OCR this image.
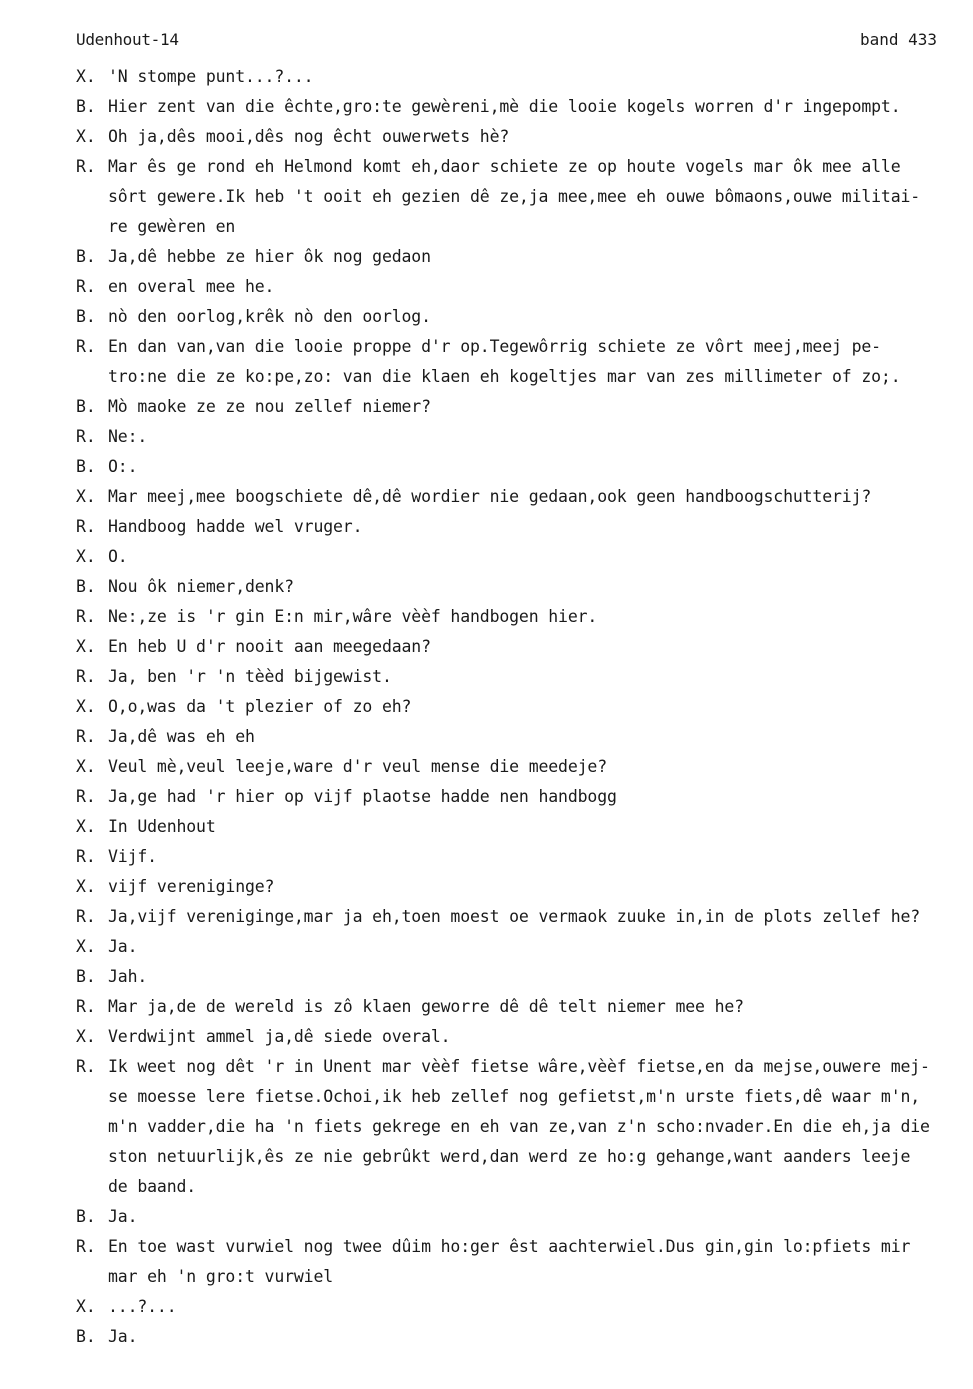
Udenhout-14	band 433
X. 'N stompe punt...?...
B. Hier zent van die êchte,gro:te gewèreni,mè die looie kogels worren d'r ingepompt.
X. Oh ja,dês mooi,dês nog êcht ouwerwets hè?
R. Mar ês ge rond eh Helmond komt eh,daor schiete ze op houte vogels mar ôk mee alle
sôrt gewere.Ik heb 't ooit eh gezien dê ze,ja mee,mee eh ouwe bômaons,ouwe militai-
re gewèren en
B. Ja,dê hebbe ze hier ôk nog gedaon
R. en overal mee he.
B. nò den oorlog,krêk nò den oorlog.
R. En dan van,van die looie proppe d'r op.Tegewôrrig schiete ze vôrt meej,meej pe-
tro:ne die ze ko:pe,zo: van die klaen eh kogeltjes mar van zes millimeter of zo;.
B. Mò maoke ze ze nou zellef niemer?
R. Ne:.
B. O:.
X. Mar meej,mee boogschiete dê,dê wordier nie gedaan,ook geen handboogschutterij?
R. Handboog hadde wel vruger.
X. O.
B. Nou ôk niemer,denk?
R. Ne:,ze is 'r gin E:n mir,wâre vèèf handbogen hier.
X. En heb U d'r nooit aan meegedaan?
R. Ja, ben 'r 'n tèèd bijgewist.
X. O,o,was da 't plezier of zo eh?
R. Ja,dê was eh eh
X. Veul mè,veul leeje,ware d'r veul mense die meedeje?
R. Ja,ge had 'r hier op vijf plaotse hadde nen handbogg
X. In Udenhout
R. Vijf.
X. vijf vereniginge?
R. Ja,vijf vereniginge,mar ja eh,toen moest oe vermaok zuuke in,in de plots zellef he?
X. Ja.
B. Jah.
R. Mar ja,de de wereld is zô klaen geworre dê dê telt niemer mee he?
X. Verdwijnt ammel ja,dê siede overal.
R. Ik weet nog dêt 'r in Unent mar vèèf fietse wâre,vèèf fietse,en da mejse,ouwere mej-
se moesse lere fietse.Ochoi,ik heb zellef nog gefietst,m'n urste fiets,dê waar m'n,
m'n vadder,die ha 'n fiets gekrege en eh van ze,van z'n scho:nvader.En die eh,ja die
ston netuurlijk,ês ze nie gebrûkt werd,dan werd ze ho:g gehange,want aanders leeje
de baand.
B. Ja.
R. En toe wast vurwiel nog twee dûim ho:ger êst aachterwiel.Dus gin,gin lo:pfiets mir
mar eh 'n gro:t vurwiel
X. ...?...
B. Ja.
